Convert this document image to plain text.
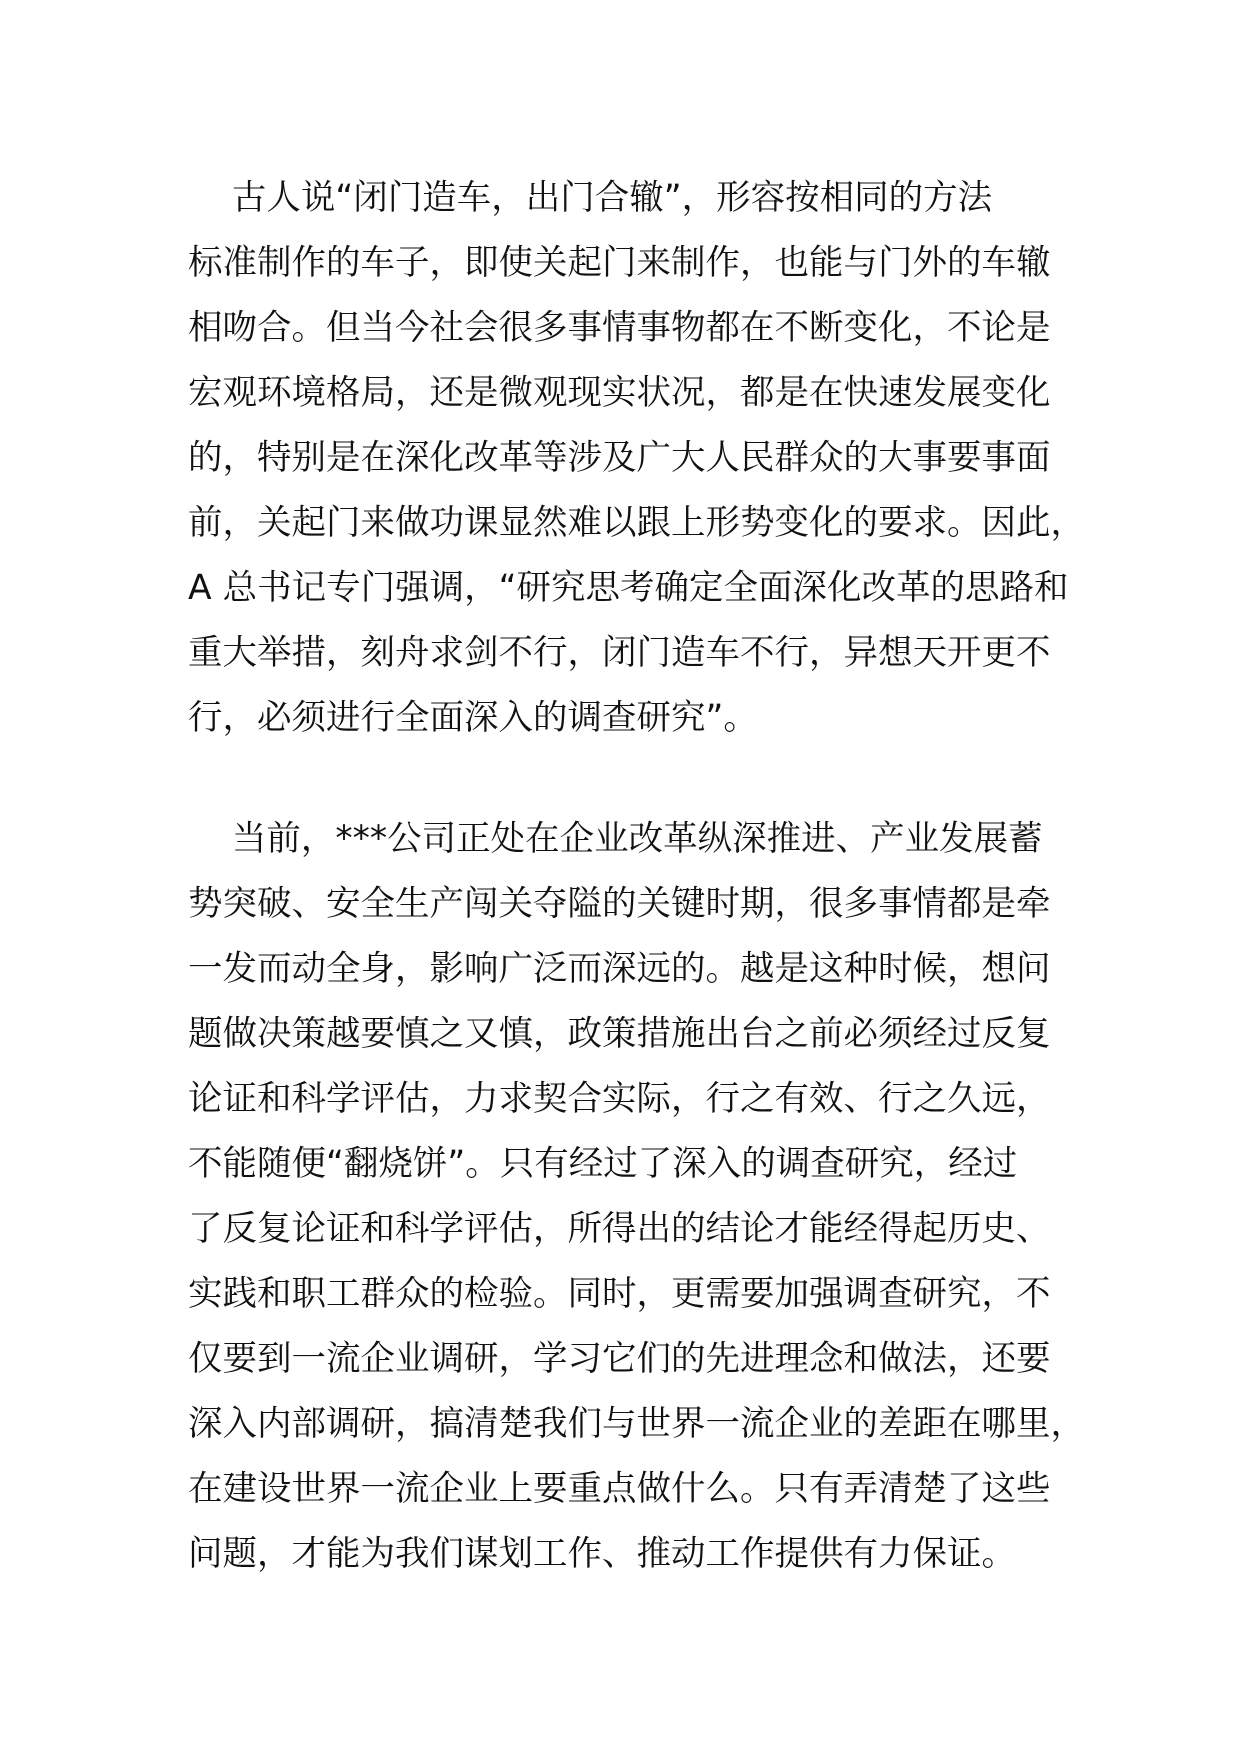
古人说“闭门造车，出门合辙”，形容按相同的方法
标准制作的车子，即使关起门来制作，也能与门外的车辙
相吻合。但当今社会很多事情事物都在不断变化，不论是
宏观环境格局，还是微观现实状况，都是在快速发展变化
的，特别是在深化改革等涉及广大人民群众的大事要事面
前，关起门来做功课显然难以跟上形势变化的要求。因此，
A 总书记专门强调，“研究思考确定全面深化改革的思路和
重大举措，刻舟求剑不行，闭门造车不行，异想天开更不
行，必须进行全面深入的调查研究”。

当前，***公司正处在企业改革纵深推进、产业发展蓄
势突破、安全生产闯关夺隘的关键时期，很多事情都是牵
一发而动全身，影响广泛而深远的。越是这种时候，想问
题做决策越要慎之又慎，政策措施出台之前必须经过反复
论证和科学评估，力求契合实际，行之有效、行之久远，
不能随便“翻烧饼”。只有经过了深入的调查研究，经过
了反复论证和科学评估，所得出的结论才能经得起历史、
实践和职工群众的检验。同时，更需要加强调查研究，不
仅要到一流企业调研，学习它们的先进理念和做法，还要
深入内部调研，搞清楚我们与世界一流企业的差距在哪里，
在建设世界一流企业上要重点做什么。只有弄清楚了这些
问题，才能为我们谋划工作、推动工作提供有力保证。
